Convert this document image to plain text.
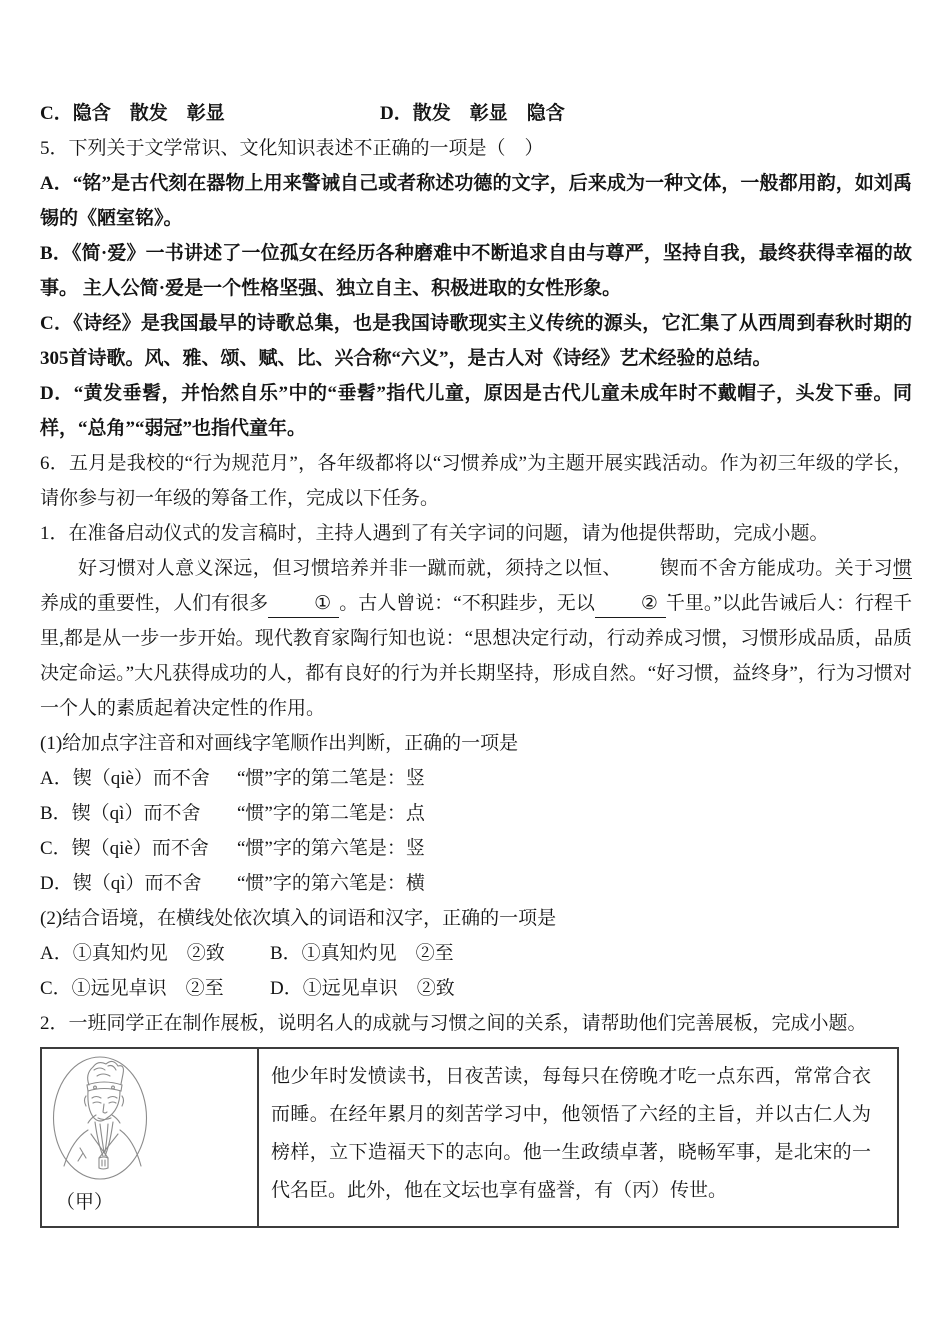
C．隐含　散发　彰显	D．散发　彰显　隐含
5．下列关于文学常识、文化知识表述不正确的一项是（　）
A．“铭”是古代刻在器物上用来警诫自己或者称述功德的文字，后来成为一种文体，一般都用韵，如刘禹锡的《陋室铭》。
B．《简·爱》一书讲述了一位孤女在经历各种磨难中不断追求自由与尊严，坚持自我，最终获得幸福的故事。 主人公简·爱是一个性格坚强、独立自主、积极进取的女性形象。
C．《诗经》是我国最早的诗歌总集，也是我国诗歌现实主义传统的源头，它汇集了从西周到春秋时期的305首诗歌。风、雅、颂、赋、比、兴合称“六义”，是古人对《诗经》艺术经验的总结。
D．“黄发垂髫，并怡然自乐”中的“垂髫”指代儿童，原因是古代儿童未成年时不戴帽子，头发下垂。同样，“总角”“弱冠”也指代童年。
6．五月是我校的“行为规范月”，各年级都将以“习惯养成”为主题开展实践活动。作为初三年级的学长，请你参与初一年级的筹备工作，完成以下任务。
1．在准备启动仪式的发言稿时，主持人遇到了有关字词的问题，请为他提供帮助，完成小题。
好习惯对人意义深远，但习惯培养并非一蹴而就，须持之以恒、 锲而不舍方能成功。关于习惯养成的重要性，人们有很多 ① 。古人曾说：“不积跬步，无以 ② 千里。”以此告诫后人：行程千里,都是从一步一步开始。现代教育家陶行知也说：“思想决定行动，行动养成习惯，习惯形成品质，品质决定命运。”大凡获得成功的人，都有良好的行为并长期坚持，形成自然。“好习惯，益终身”，行为习惯对一个人的素质起着决定性的作用。
(1)给加点字注音和对画线字笔顺作出判断，正确的一项是
A．锲（qiè）而不舍	“惯”字的第二笔是：竖
B．锲（qì）而不舍	“惯”字的第二笔是：点
C．锲（qiè）而不舍	“惯”字的第六笔是：竖
D．锲（qì）而不舍	“惯”字的第六笔是：横
(2)结合语境，在横线处依次填入的词语和汉字，正确的一项是
A．①真知灼见　②致	B．①真知灼见　②至
C．①远见卓识　②至	D．①远见卓识　②致
2．一班同学正在制作展板，说明名人的成就与习惯之间的关系，请帮助他们完善展板，完成小题。
（甲）
他少年时发愤读书，日夜苦读，每每只在傍晚才吃一点东西，常常合衣而睡。在经年累月的刻苦学习中，他领悟了六经的主旨，并以古仁人为榜样，立下造福天下的志向。他一生政绩卓著，晓畅军事，是北宋的一代名臣。此外，他在文坛也享有盛誉，有（丙）传世。
